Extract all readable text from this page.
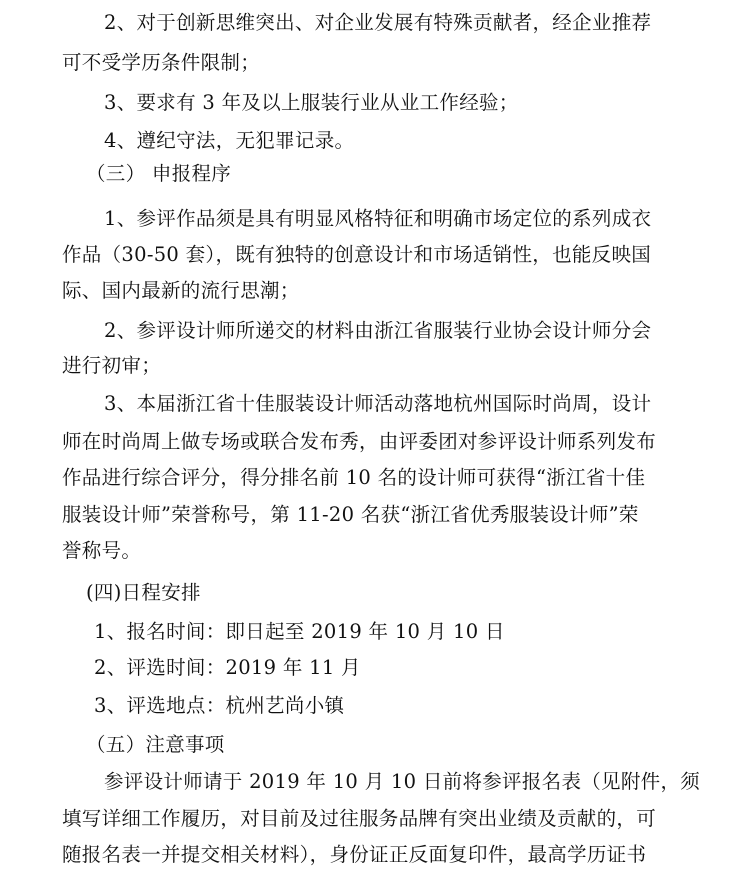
2、对于创新思维突出、对企业发展有特殊贡献者，经企业推荐
可不受学历条件限制；
3、要求有 3 年及以上服装行业从业工作经验；
4、遵纪守法，无犯罪记录。
（三） 申报程序
1、参评作品须是具有明显风格特征和明确市场定位的系列成衣
作品（30-50 套），既有独特的创意设计和市场适销性，也能反映国
际、国内最新的流行思潮；
2、参评设计师所递交的材料由浙江省服装行业协会设计师分会
进行初审；
3、本届浙江省十佳服装设计师活动落地杭州国际时尚周，设计
师在时尚周上做专场或联合发布秀，由评委团对参评设计师系列发布
作品进行综合评分，得分排名前 10 名的设计师可获得“浙江省十佳
服装设计师”荣誉称号，第 11-20 名获“浙江省优秀服装设计师”荣
誉称号。
(四)日程安排
1、报名时间：即日起至 2019 年 10 月 10 日
2、评选时间：2019 年 11 月
3、评选地点：杭州艺尚小镇
（五）注意事项
参评设计师请于 2019 年 10 月 10 日前将参评报名表（见附件，须
填写详细工作履历，对目前及过往服务品牌有突出业绩及贡献的，可
随报名表一并提交相关材料），身份证正反面复印件，最高学历证书
